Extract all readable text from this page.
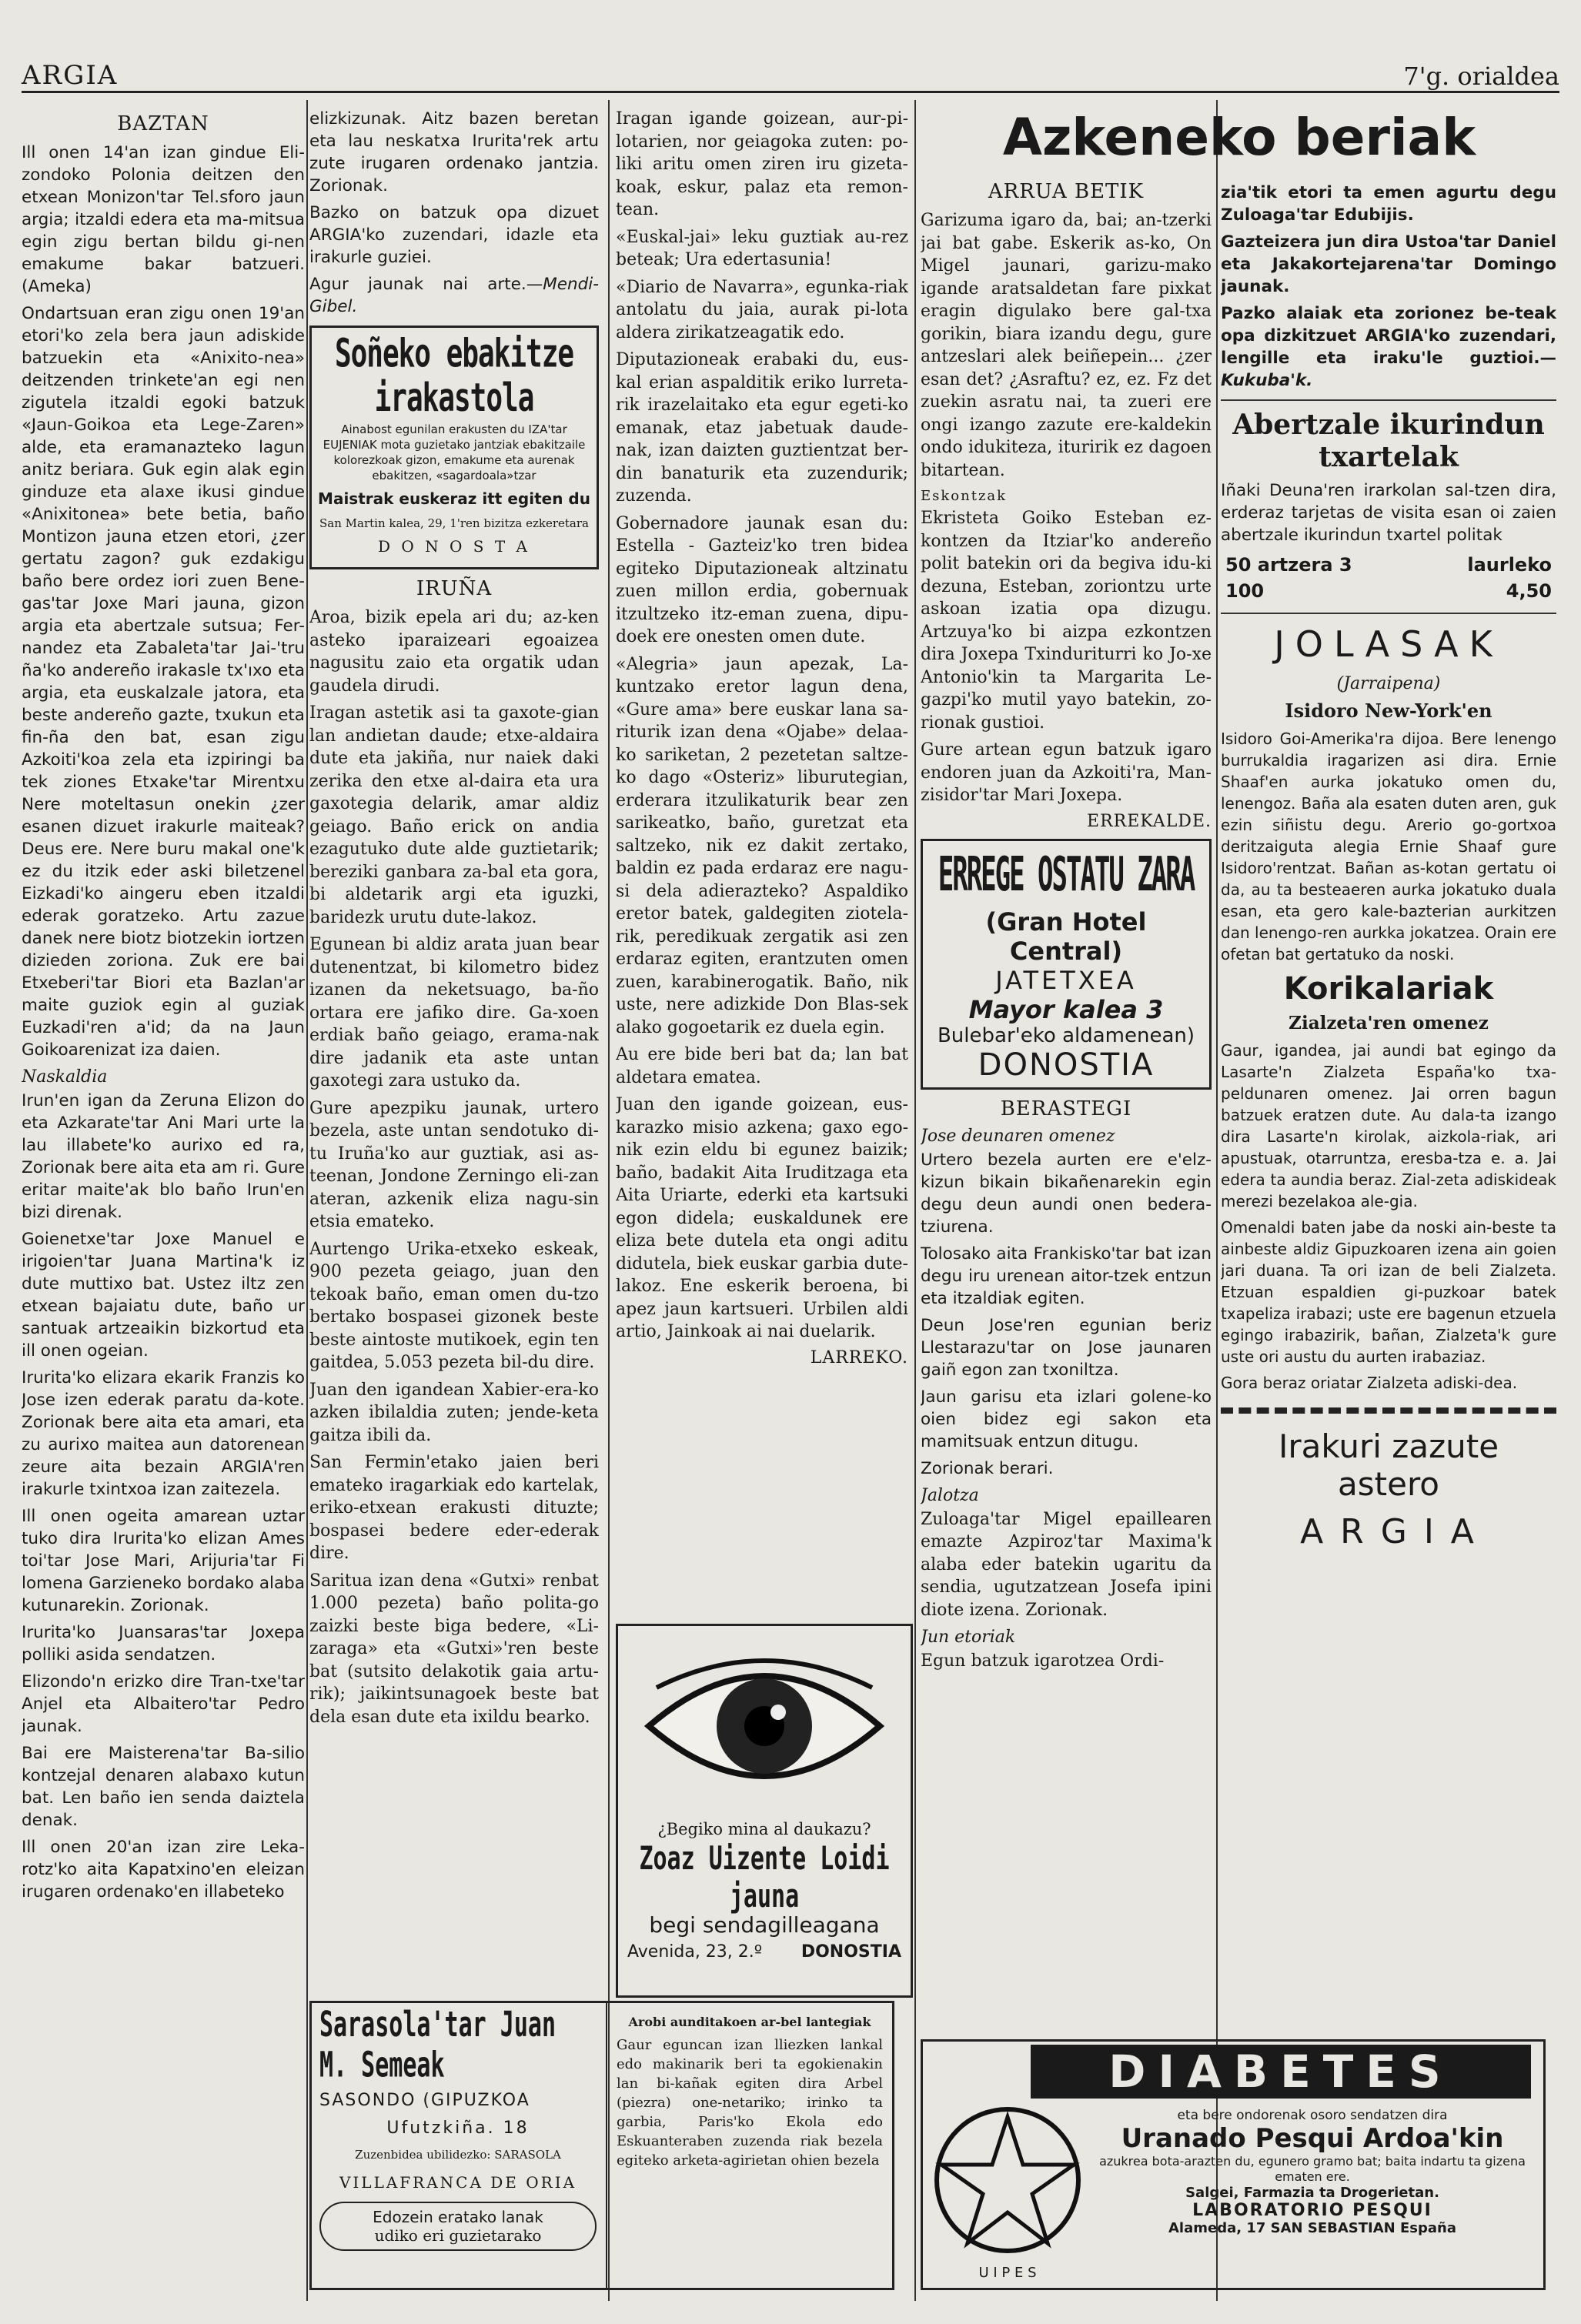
ARGIA	7'g. orialdea
BAZTAN

Ill onen 14'an izan gindue Eli-zondoko Polonia deitzen den etxean Monizon'tar Tel.sforo jaun argia; itzaldi edera eta ma-mitsua egin zigu bertan bildu gi-nen emakume bakar batzueri. (Ameka)

Ondartsuan eran zigu onen 19'an etori'ko zela bera jaun adiskide batzuekin eta «Anixito-nea» deitzenden trinkete'an egi nen zigutela itzaldi egoki batzuk «Jaun-Goikoa eta Lege-Zaren» alde, eta eramanazteko lagun anitz beriara. Guk egin alak egin ginduze eta alaxe ikusi gindue «Anixitonea» bete betia, baño Montizon jauna etzen etori, ¿zer gertatu zagon? guk ezdakigu baño bere ordez iori zuen Bene-gas'tar Joxe Mari jauna, gizon argia eta abertzale sutsua; Fer-nandez eta Zabaleta'tar Jai-'tru ña'ko andereño irakasle tx'ıxo eta argia, eta euskalzale jatora, eta beste andereño gazte, txukun eta fin-ña den bat, esan zigu Azkoiti'koa zela eta izpiringi ba tek ziones Etxake'tar Mirentxu Nere moteltasun onekin ¿zer esanen dizuet irakurle maiteak? Deus ere. Nere buru makal one'k ez du itzik eder aski biletzenel Eizkadi'ko aingeru eben itzaldi ederak goratzeko. Artu zazue danek nere biotz biotzekin iortzen dizieden zoriona. Zuk ere bai Etxeberi'tar Biori eta Bazlan'ar maite guziok egin al guziak Euzkadi'ren a'id; da na Jaun Goikoarenizat iza daien.

Naskaldia

Irun'en igan da Zeruna Elizon do eta Azkarate'tar Ani Mari urte la lau illabete'ko aurixo ed ra, Zorionak bere aita eta am ri. Gure eritar maite'ak blo baño Irun'en bizi direnak.

Goienetxe'tar Joxe Manuel e irigoien'tar Juana Martina'k iz dute muttixo bat. Ustez iltz zen etxean bajaiatu dute, baño ur santuak artzeaikin bizkortud eta ill onen ogeian.

Irurita'ko elizara ekarik Franzis ko Jose izen ederak paratu da-kote. Zorionak bere aita eta amari, eta zu aurixo maitea aun datorenean zeure aita bezain ARGIA'ren irakurle txintxoa izan zaitezela.

Ill onen ogeita amarean uztar tuko dira Irurita'ko elizan Ames toi'tar Jose Mari, Arijuria'tar Fi lomena Garzieneko bordako alaba kutunarekin. Zorionak.

Irurita'ko Juansaras'tar Joxepa polliki asida sendatzen.

Elizondo'n erizko dire Tran-txe'tar Anjel eta Albaitero'tar Pedro jaunak.

Bai ere Maisterena'tar Ba-silio kontzejal denaren alabaxo kutun bat. Len baño ien senda daiztela denak.

Ill onen 20'an izan zire Leka-rotz'ko aita Kapatxino'en eleizan irugaren ordenako'en illabeteko

elizkizunak. Aitz bazen beretan eta lau neskatxa Irurita'rek artu zute irugaren ordenako jantzia. Zorionak.

Bazko on batzuk opa dizuet ARGIA'ko zuzendari, idazle eta irakurle guziei.

Agur jaunak nai arte.—Mendi-Gibel.

Soñeko ebakitze irakastola

Ainabost egunilan erakusten du IZA'tar EUJENIAK mota guzietako jantziak ebakitzaile kolorezkoak gizon, emakume eta aurenak ebakitzen, «sagardoala»tzar

Maistrak euskeraz itt egiten du

San Martin kalea, 29, 1'ren bizitza ezkeretara

D O N O S T A

IRUÑA

Aroa, bizik epela ari du; az-ken asteko iparaizeari egoaizea nagusitu zaio eta orgatik udan gaudela dirudi.

Iragan astetik asi ta gaxote-gian lan andietan daude; etxe-aldaira dute eta jakiña, nur naiek daki zerika den etxe al-daira eta ura gaxotegia delarik, amar aldiz geiago. Baño erick on andia ezagutuko dute alde guztietarik; bereziki ganbara za-bal eta gora, bi aldetarik argi eta iguzki, baridezk urutu dute-lakoz.

Egunean bi aldiz arata juan bear dutenentzat, bi kilometro bidez izanen da neketsuago, ba-ño ortara ere jafiko dire. Ga-xoen erdiak baño geiago, erama-nak dire jadanik eta aste untan gaxotegi zara ustuko da.

Gure apezpiku jaunak, urtero bezela, aste untan sendotuko di-tu Iruña'ko aur guztiak, asi as-teenan, Jondone Zerningo eli-zan ateran, azkenik eliza nagu-sin etsia emateko.

Aurtengo Urika-etxeko eskeak, 900 pezeta geiago, juan den tekoak baño, eman omen du-tzo bertako bospasei gizonek beste beste aintoste mutikoek, egin ten gaitdea, 5.053 pezeta bil-du dire.

Juan den igandean Xabier-era-ko azken ibilaldia zuten; jende-keta gaitza ibili da.

San Fermin'etako jaien beri emateko iragarkiak edo kartelak, eriko-etxean erakusti dituzte; bospasei bedere eder-ederak dire.

Saritua izan dena «Gutxi» renbat 1.000 pezeta) baño polita-go zaizki beste biga bedere, «Li-zaraga» eta «Gutxi»'ren beste bat (sutsito delakotik gaia artu-rik); jaikintsunagoek beste bat dela esan dute eta ixildu bearko.

Iragan igande goizean, aur-pi-lotarien, nor geiagoka zuten: po-liki aritu omen ziren iru gizeta-koak, eskur, palaz eta remon-tean.

«Euskal-jai» leku guztiak au-rez beteak; Ura edertasunia!

«Diario de Navarra», egunka-riak antolatu du jaia, aurak pi-lota aldera zirikatzeagatik edo.

Diputazioneak erabaki du, eus-kal erian aspalditik eriko lurreta-rik irazelaitako eta egur egeti-ko emanak, etaz jabetuak daude-nak, izan daizten guztientzat ber-din banaturik eta zuzendurik; zuzenda.

Gobernadore jaunak esan du: Estella - Gazteiz'ko tren bidea egiteko Diputazioneak altzinatu zuen millon erdia, gobernuak itzultzeko itz-eman zuena, dipu-doek ere onesten omen dute.

«Alegria» jaun apezak, La-kuntzako eretor lagun dena, «Gure ama» bere euskar lana sa-riturik izan dena «Ojabe» delaa-ko sariketan, 2 pezetetan saltze-ko dago «Osteriz» liburutegian, erderara itzulikaturik bear zen sarikeatko, baño, guretzat eta saltzeko, nik ez dakit zertako, baldin ez pada erdaraz ere nagu-si dela adierazteko? Aspaldiko eretor batek, galdegiten ziotela-rik, peredikuak zergatik asi zen erdaraz egiten, erantzuten omen zuen, karabinerogatik. Baño, nik uste, nere adizkide Don Blas-sek alako gogoetarik ez duela egin.

Au ere bide beri bat da; lan bat aldetara ematea.

Juan den igande goizean, eus-karazko misio azkena; gaxo ego-nik ezin eldu bi egunez baizik; baño, badakit Aita Iruditzaga eta Aita Uriarte, ederki eta kartsuki egon didela; euskaldunek ere eliza bete dutela eta ongi aditu didutela, biek euskar garbia dute-lakoz. Ene eskerik beroena, bi apez jaun kartsueri. Urbilen aldi artio, Jainkoak ai nai duelarik.

LARREKO.

¿Begiko mina al daukazu?

Zoaz Uizente Loidi jauna

begi sendagilleagana

Avenida, 23, 2.º DONOSTIA

Sarasola'tar Juan M. Semeak

SASONDO (GIPUZKOA

Ufutzkiña. 18

Zuzenbidea ubilidezko: SARASOLA

VILLAFRANCA DE ORIA

Edozein eratako lanak
udiko eri guzietarako

Arobi aunditakoen ar-bel lantegiak

Gaur eguncan izan lliezken lankal edo makinarik beri ta egokienakin lan bi-kañak egiten dira Arbel (piezra) one-netariko; irinko ta garbia, Paris'ko Ekola edo Eskuanteraben zuzenda riak bezela egiteko arketa-agirietan ohien bezela

ARRUA BETIK

Garizuma igaro da, bai; an-tzerki jai bat gabe. Eskerik as-ko, On Migel jaunari, garizu-mako igande aratsaldetan fare pixkat eragin digulako bere gal-txa gorikin, biara izandu degu, gure antzeslari alek beiñepein... ¿zer esan det? ¿Asraftu? ez, ez. Fz det zuekin asratu nai, ta zueri ere ongi izango zazute ere-kaldekin ondo idukiteza, ituririk ez dagoen bitartean.

Eskontzak

Ekristeta Goiko Esteban ez-kontzen da Itziar'ko andereño polit batekin ori da begiva idu-ki dezuna, Esteban, zoriontzu urte askoan izatia opa dizugu. Artzuya'ko bi aizpa ezkontzen dira Joxepa Txinduriturri ko Jo-xe Antonio'kin ta Margarita Le-gazpi'ko mutil yayo batekin, zo-rionak gustioi.

Gure artean egun batzuk igaro endoren juan da Azkoiti'ra, Man-zisidor'tar Mari Joxepa.

ERREKALDE.
ERREGE OSTATU ZARA
(Gran Hotel Central)
JATETXEA
Mayor kalea 3
Bulebar'eko aldamenean)
DONOSTIA
BERASTEGI
Jose deunaren omenez

Urtero bezela aurten ere e'elz-kizun bikain bikañenarekin egin degu deun aundi onen bedera-tziurena.

Tolosako aita Frankisko'tar bat izan degu iru urenean aitor-tzek entzun eta itzaldiak egiten.

Deun Jose'ren egunian beriz Llestarazu'tar on Jose jaunaren gaiñ egon zan txoniltza.

Jaun garisu eta izlari golene-ko oien bidez egi sakon eta mamitsuak entzun ditugu.

Zorionak berari.

Jalotza

Zuloaga'tar Migel epaillearen emazte Azpiroz'tar Maxima'k alaba eder batekin ugaritu da sendia, ugutzatzean Josefa ipini diote izena. Zorionak.

Jun etoriak

Egun batzuk igarotzea Ordi-

Azkeneko beriak

zia'tik etori ta emen agurtu degu Zuloaga'tar Edubijis.

Gazteizera jun dira Ustoa'tar Daniel eta Jakakortejarena'tar Domingo jaunak.

Pazko alaiak eta zorionez be-teak opa dizkitzuet ARGIA'ko zuzendari, lengille eta iraku'le guztioi.—Kukuba'k.

Abertzale ikurindun txartelak

Iñaki Deuna'ren irarkolan sal-tzen dira, erderaz tarjetas de visita esan oi zaien abertzale ikurindun txartel politak

50 artzera 3	laurleko
100	4,50
JOLASAK
(Jarraipena)
Isidoro New-York'en

Isidoro Goi-Amerika'ra dijoa. Bere lenengo burrukaldia iragarizen asi dira. Ernie Shaaf'en aurka jokatuko omen du, lenengoz. Baña ala esaten duten aren, guk ezin siñistu degu. Arerio go-gortxoa deritzaiguta alegia Ernie Shaaf gure Isidoro'rentzat. Bañan as-kotan gertatu oi da, au ta besteaeren aurka jokatuko duala esan, eta gero kale-bazterian aurkitzen dan lenengo-ren aurkka jokatzea. Orain ere ofetan bat gertatuko da noski.

Korikalariak
Zialzeta'ren omenez

Gaur, igandea, jai aundi bat egingo da Lasarte'n Zialzeta España'ko txa-peldunaren omenez. Jai orren bagun batzuek eratzen dute. Au dala-ta izango dira Lasarte'n kirolak, aizkola-riak, ari apustuak, otarruntza, eresba-tza e. a. Jai edera ta aundia beraz. Zial-zeta adiskideak merezi bezelakoa ale-gia.

Omenaldi baten jabe da noski ain-beste ta ainbeste aldiz Gipuzkoaren izena ain goien jari duana. Ta ori izan de beli Zialzeta. Etzuan espaldien gi-puzkoar batek txapeliza irabazi; uste ere bagenun etzuela egingo irabazirik, bañan, Zialzeta'k gure uste ori austu du aurten irabaziaz.

Gora beraz oriatar Zialzeta adiski-dea.

Irakuri zazute
astero
A R G I A
DIABETES
eta bere ondorenak osoro sendatzen dira
Uranado Pesqui Ardoa'kin
azukrea bota-arazten du, egunero gramo bat; baita indartu ta gizena ematen ere.
Salgei, Farmazia ta Drogerietan.
LABORATORIO PESQUI
Alameda, 17 SAN SEBASTIAN España
U I P E S
